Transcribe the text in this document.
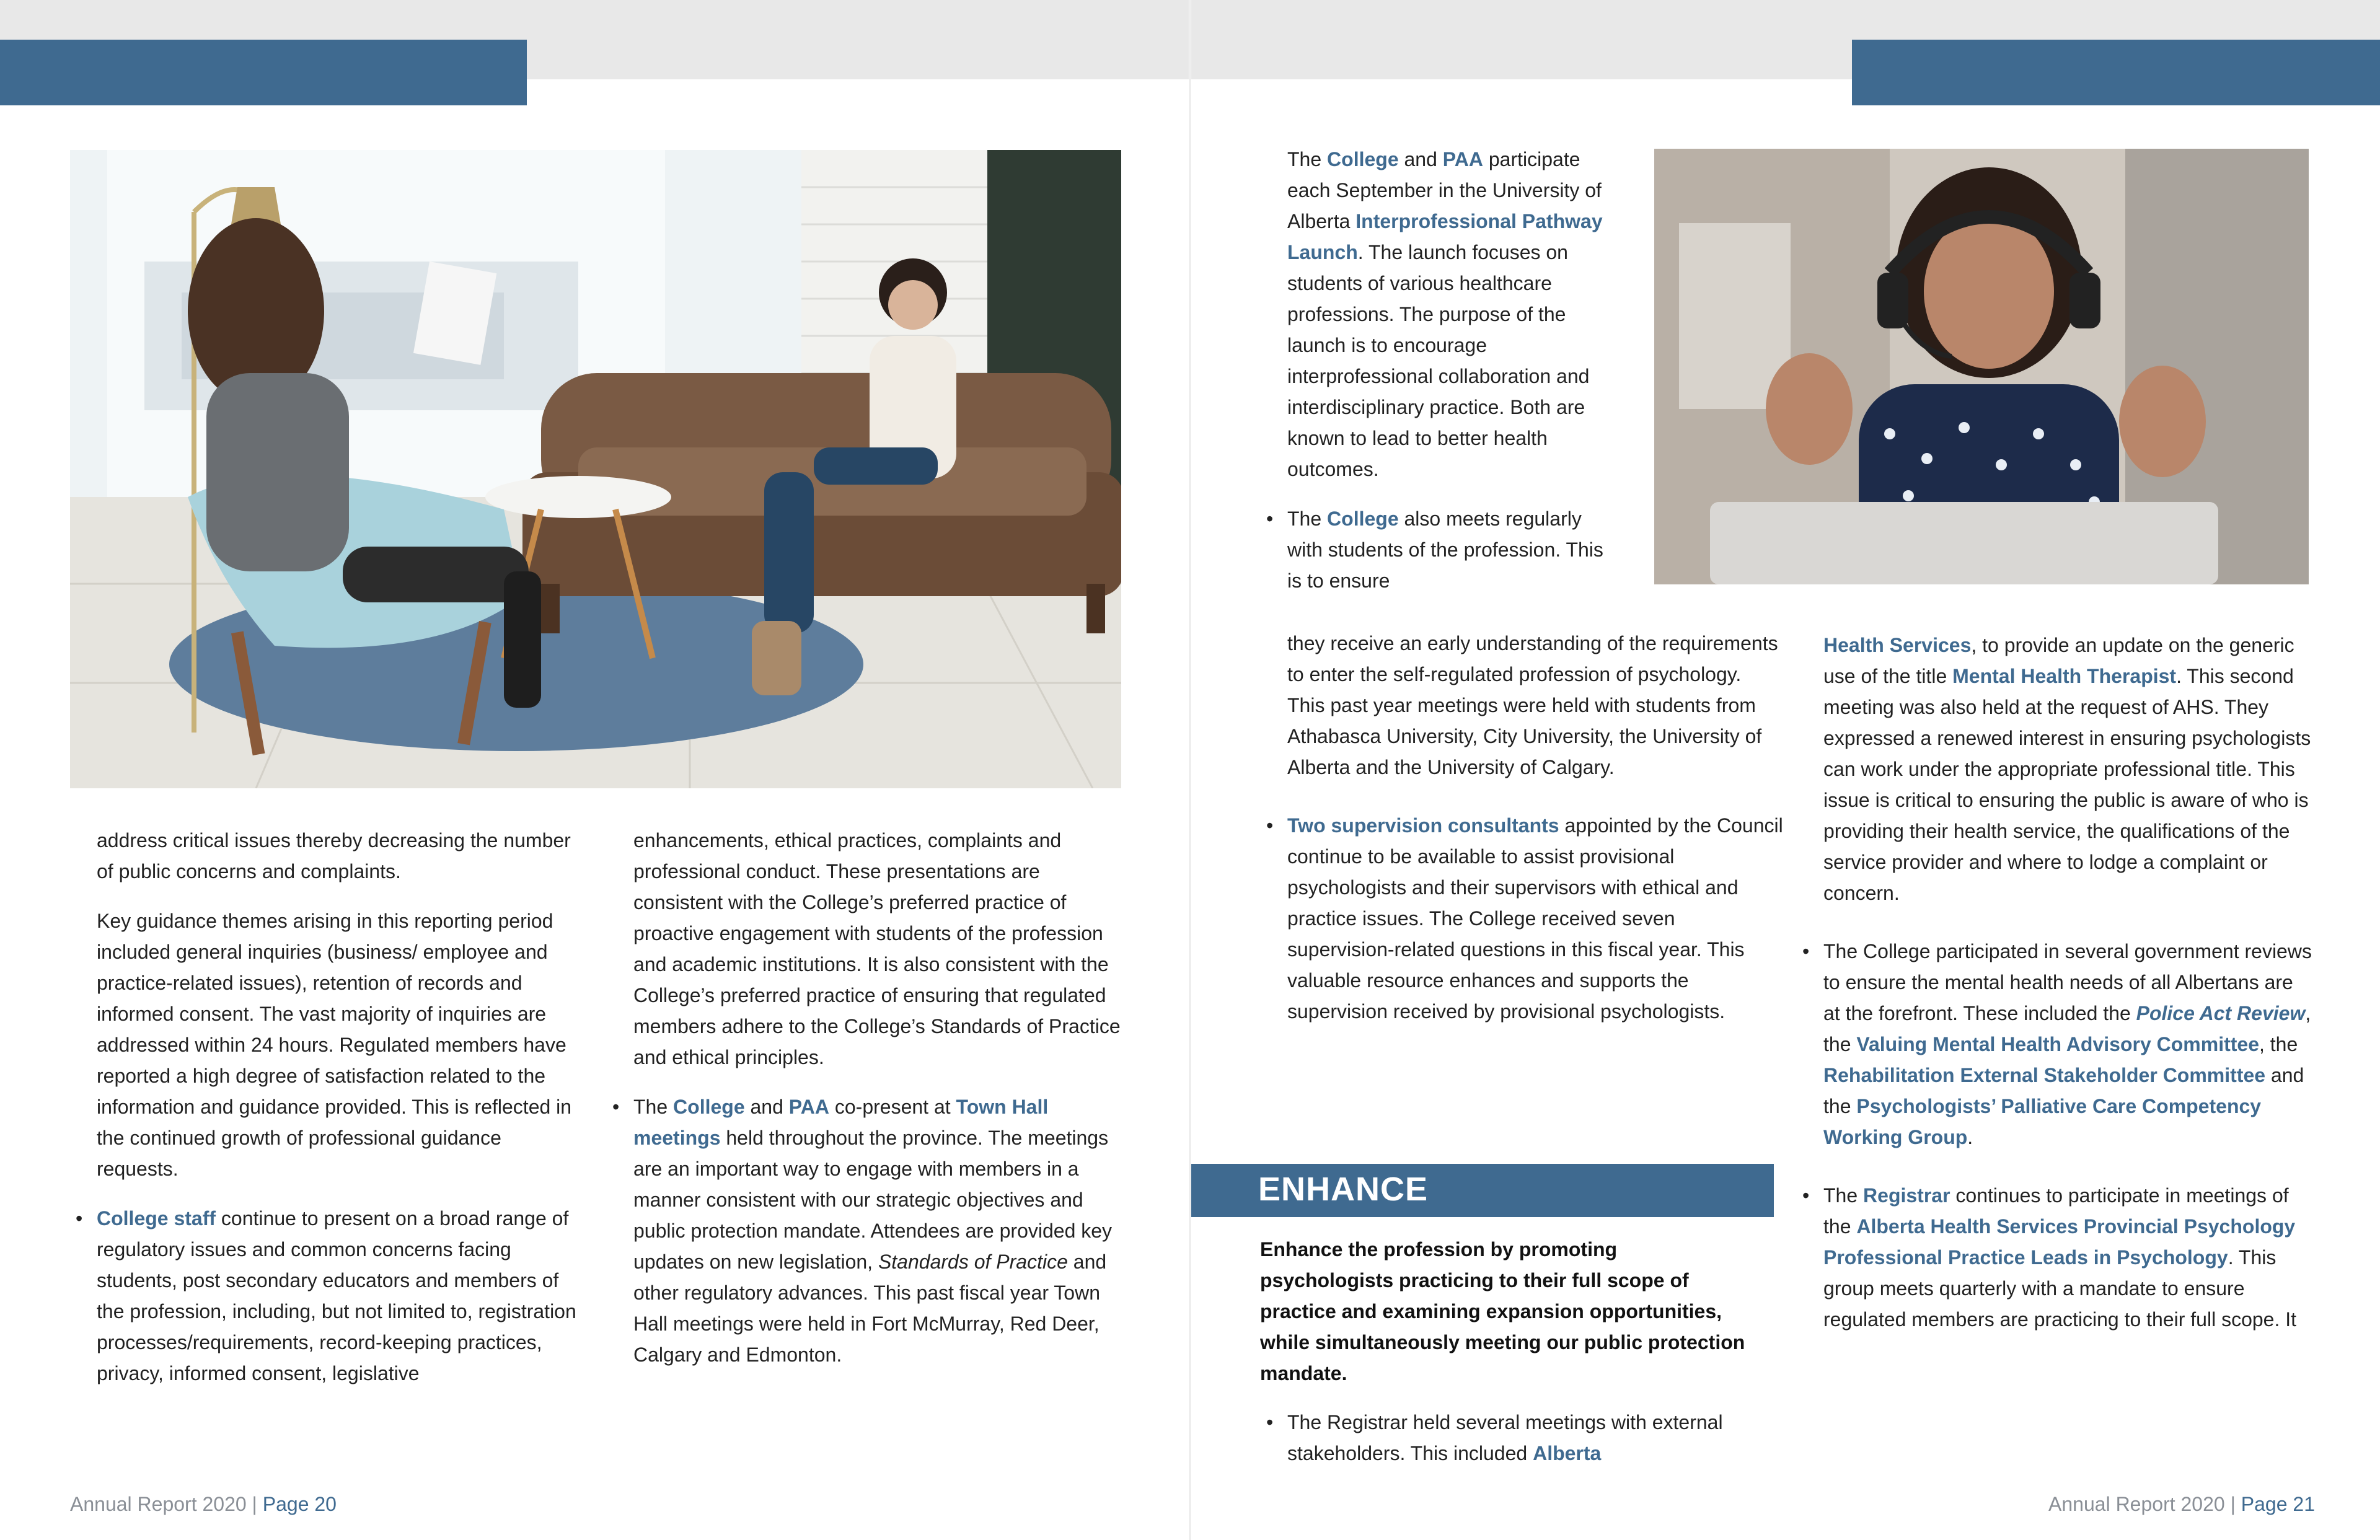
address critical issues thereby decreasing the number of public concerns and complaints.

Key guidance themes arising in this reporting period included general inquiries (business/ employee and practice-related issues), retention of records and informed consent. The vast majority of inquiries are addressed within 24 hours. Regulated members have reported a high degree of satisfaction related to the information and guidance provided. This is reflected in the continued growth of professional guidance requests.

• College staff continue to present on a broad range of regulatory issues and common concerns facing students, post secondary educators and members of the profession, including, but not limited to, registration processes/requirements, record-keeping practices, privacy, informed consent, legislative

enhancements, ethical practices, complaints and professional conduct. These presentations are consistent with the College’s preferred practice of proactive engagement with students of the profession and academic institutions. It is also consistent with the College’s preferred practice of ensuring that regulated members adhere to the College’s Standards of Practice and ethical principles.

• The College and PAA co-present at Town Hall meetings held throughout the province. The meetings are an important way to engage with members in a manner consistent with our strategic objectives and public protection mandate. Attendees are provided key updates on new legislation, Standards of Practice and other regulatory advances. This past fiscal year Town Hall meetings were held in Fort McMurray, Red Deer, Calgary and Edmonton.

Annual Report 2020 | Page 20

The College and PAA participate each September in the University of Alberta Interprofessional Pathway Launch. The launch focuses on students of various healthcare professions. The purpose of the launch is to encourage interprofessional collaboration and interdisciplinary practice. Both are known to lead to better health outcomes.

• The College also meets regularly with students of the profession. This is to ensure

they receive an early understanding of the requirements to enter the self-regulated profession of psychology. This past year meetings were held with students from Athabasca University, City University, the University of Alberta and the University of Calgary.

• Two supervision consultants appointed by the Council continue to be available to assist provisional psychologists and their supervisors with ethical and practice issues. The College received seven supervision-related questions in this fiscal year. This valuable resource enhances and supports the supervision received by provisional psychologists.

ENHANCE
Enhance the profession by promoting psychologists practicing to their full scope of practice and examining expansion opportunities, while simultaneously meeting our public protection mandate.

• The Registrar held several meetings with external stakeholders. This included Alberta

Health Services, to provide an update on the generic use of the title Mental Health Therapist. This second meeting was also held at the request of AHS. They expressed a renewed interest in ensuring psychologists can work under the appropriate professional title. This issue is critical to ensuring the public is aware of who is providing their health service, the qualifications of the service provider and where to lodge a complaint or concern.

• The College participated in several government reviews to ensure the mental health needs of all Albertans are at the forefront. These included the Police Act Review, the Valuing Mental Health Advisory Committee, the Rehabilitation External Stakeholder Committee and the Psychologists’ Palliative Care Competency Working Group.

• The Registrar continues to participate in meetings of the Alberta Health Services Provincial Psychology Professional Practice Leads in Psychology. This group meets quarterly with a mandate to ensure regulated members are practicing to their full scope. It

Annual Report 2020 | Page 21
